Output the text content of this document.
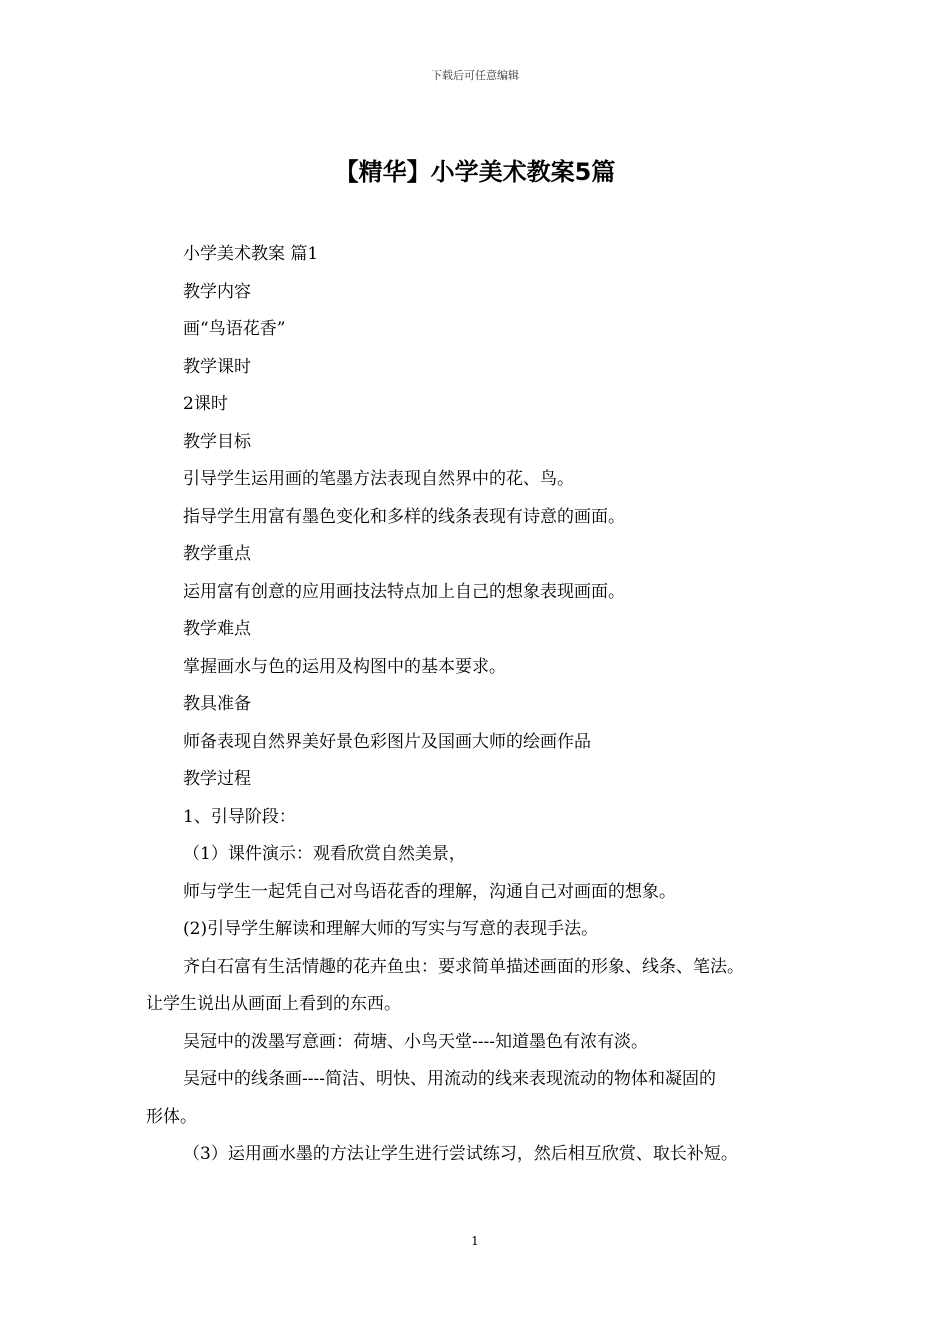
下载后可任意编辑
【精华】小学美术教案5篇
小学美术教案 篇1
教学内容
画“鸟语花香”
教学课时
2课时
教学目标
引导学生运用画的笔墨方法表现自然界中的花、鸟。
指导学生用富有墨色变化和多样的线条表现有诗意的画面。
教学重点
运用富有创意的应用画技法特点加上自己的想象表现画面。
教学难点
掌握画水与色的运用及构图中的基本要求。
教具准备
师备表现自然界美好景色彩图片及国画大师的绘画作品
教学过程
1、引导阶段：
（1）课件演示：观看欣赏自然美景，
师与学生一起凭自己对鸟语花香的理解，沟通自己对画面的想象。
(2)引导学生解读和理解大师的写实与写意的表现手法。
齐白石富有生活情趣的花卉鱼虫：要求简单描述画面的形象、线条、笔法。
让学生说出从画面上看到的东西。
吴冠中的泼墨写意画：荷塘、小鸟天堂----知道墨色有浓有淡。
吴冠中的线条画----简洁、明快、用流动的线来表现流动的物体和凝固的
形体。
（3）运用画水墨的方法让学生进行尝试练习，然后相互欣赏、取长补短。
1
